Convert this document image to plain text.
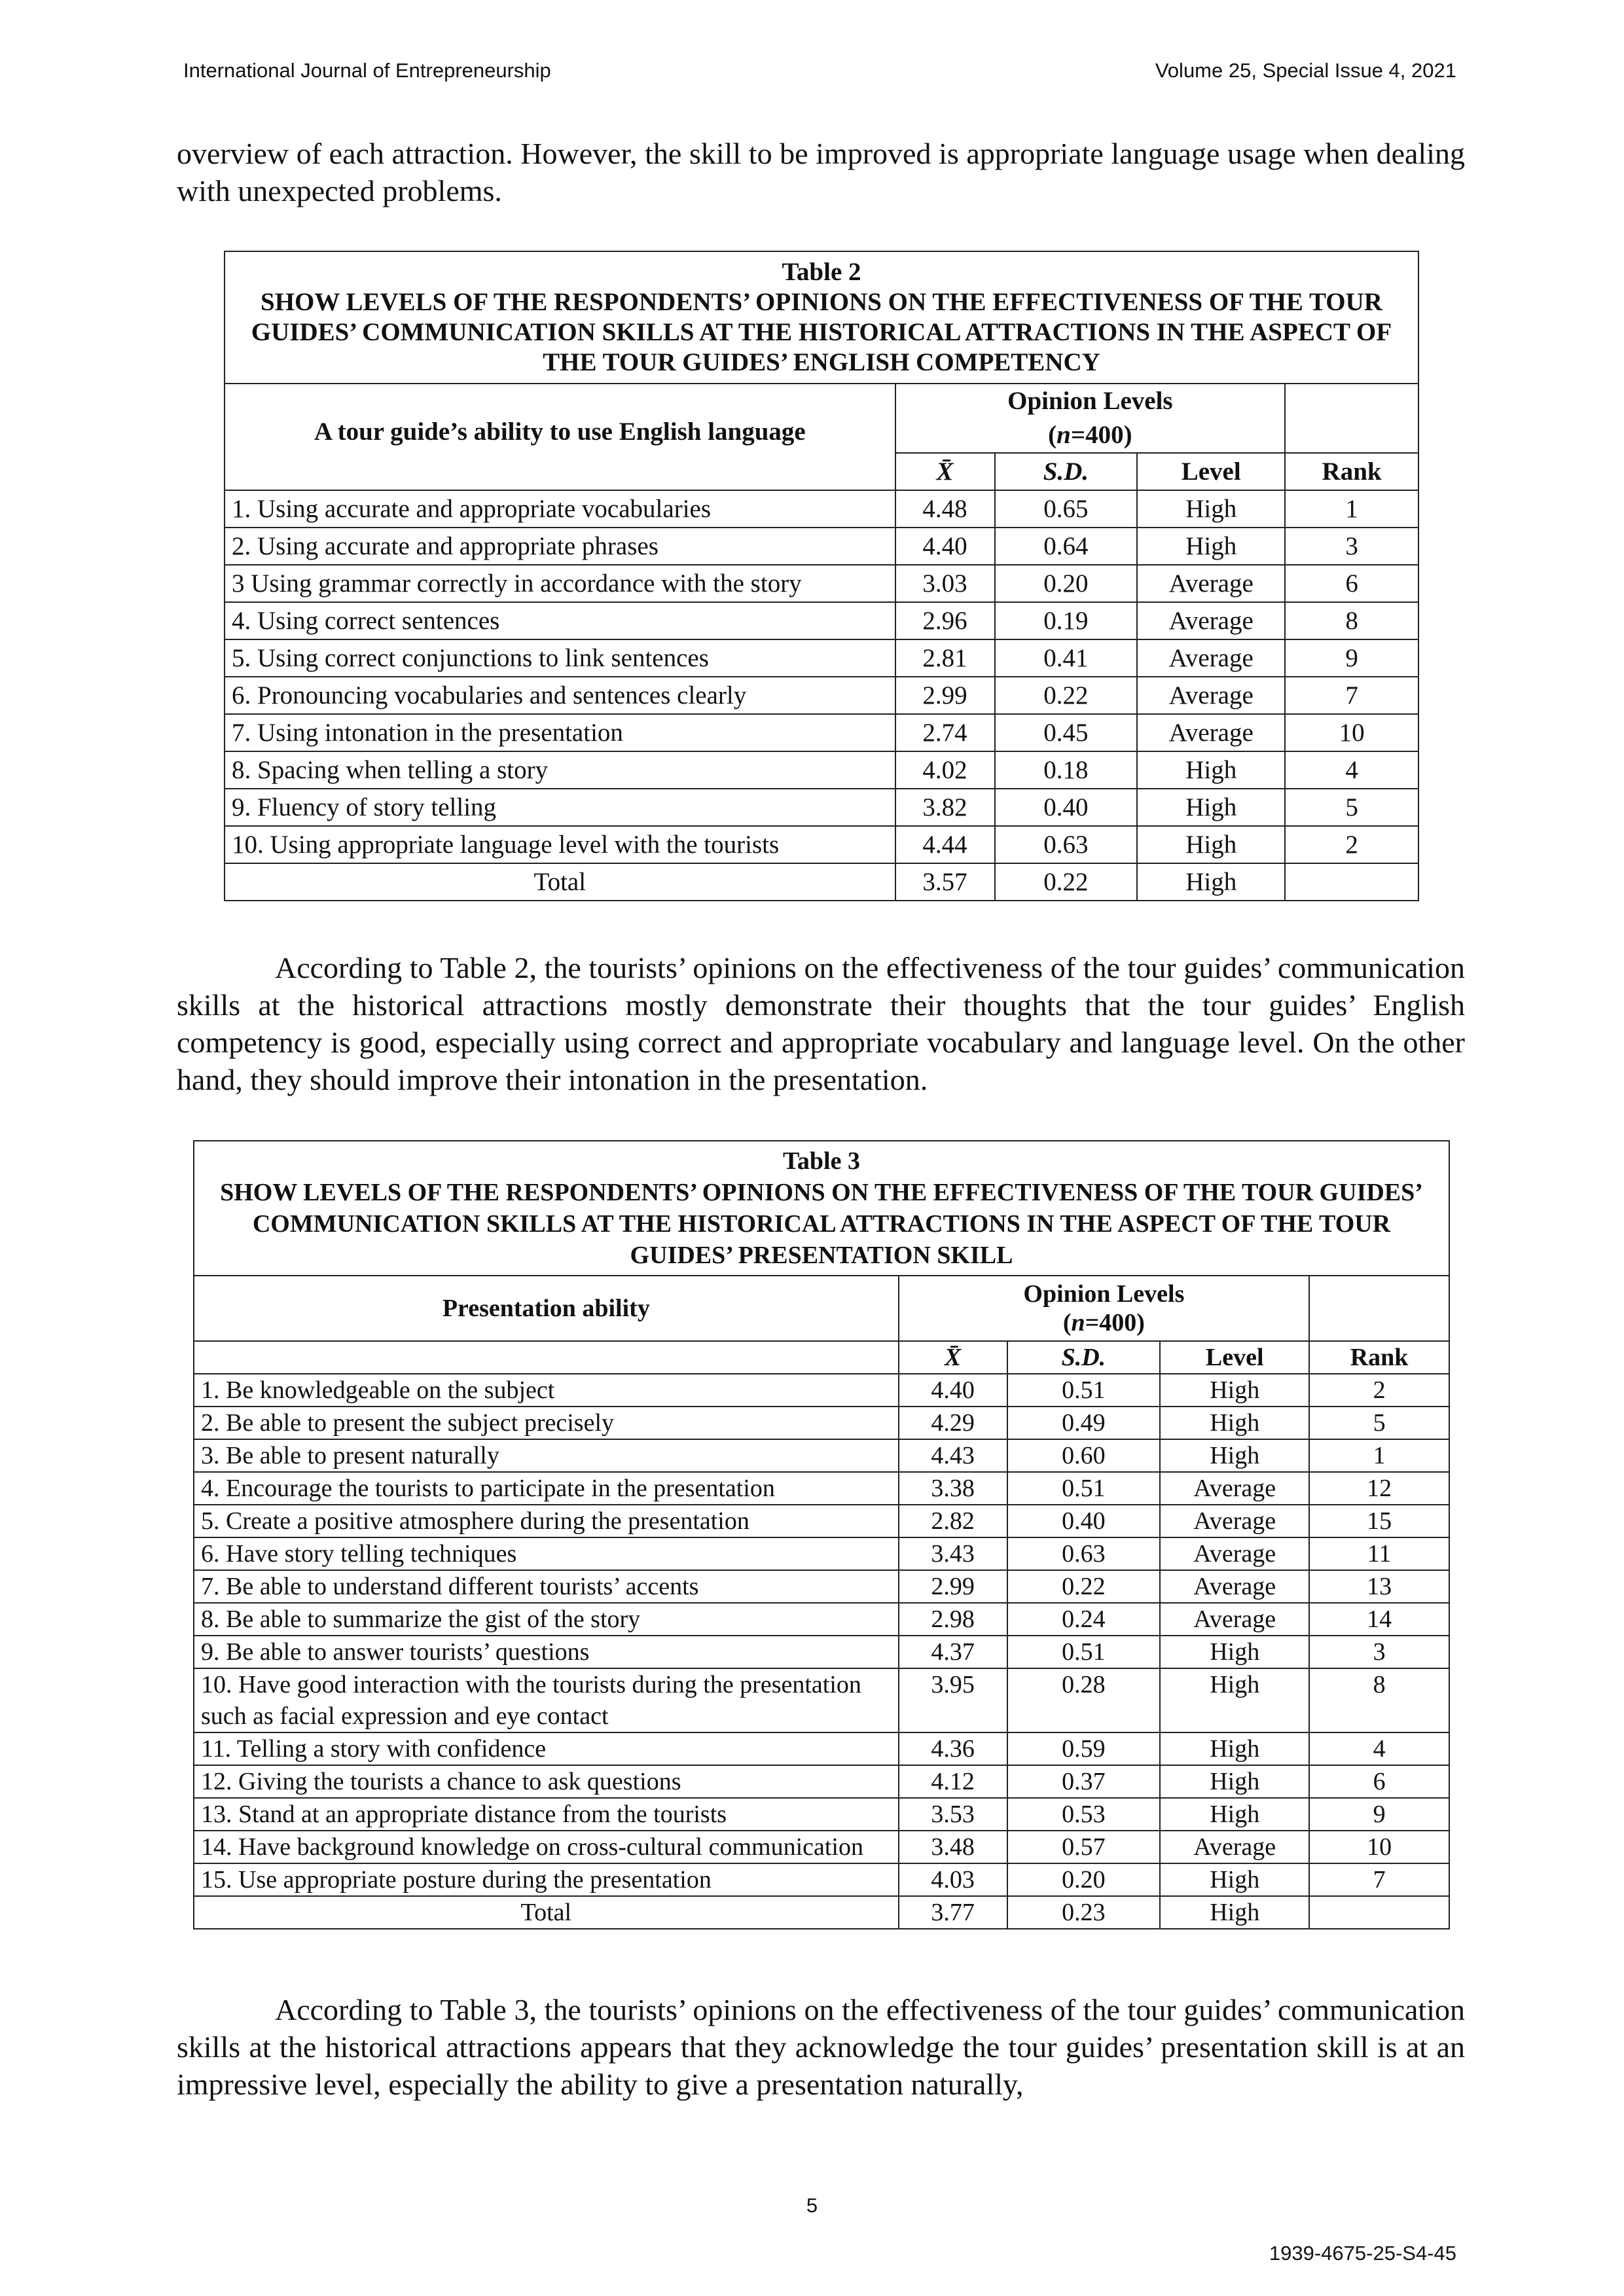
International Journal of Entrepreneurship	Volume 25, Special Issue 4, 2021
overview of each attraction. However, the skill to be improved is appropriate language usage when dealing with unexpected problems.
Table 2
SHOW LEVELS OF THE RESPONDENTS’ OPINIONS ON THE EFFECTIVENESS OF THE TOUR GUIDES’ COMMUNICATION SKILLS AT THE HISTORICAL ATTRACTIONS IN THE ASPECT OF THE TOUR GUIDES’ ENGLISH COMPETENCY				

A tour guide’s ability to use English language	Opinion Levels
(n=400)			

	X̄	S.D.	Level	Rank
1. Using accurate and appropriate vocabularies	4.48	0.65	High	1
2. Using accurate and appropriate phrases	4.40	0.64	High	3
3 Using grammar correctly in accordance with the story	3.03	0.20	Average	6
4. Using correct sentences	2.96	0.19	Average	8
5. Using correct conjunctions to link sentences	2.81	0.41	Average	9
6. Pronouncing vocabularies and sentences clearly	2.99	0.22	Average	7
7. Using intonation in the presentation	2.74	0.45	Average	10
8. Spacing when telling a story	4.02	0.18	High	4
9. Fluency of story telling	3.82	0.40	High	5
10. Using appropriate language level with the tourists	4.44	0.63	High	2
Total	3.57	0.22	High	
According to Table 2, the tourists’ opinions on the effectiveness of the tour guides’ communication skills at the historical attractions mostly demonstrate their thoughts that the tour guides’ English competency is good, especially using correct and appropriate vocabulary and language level. On the other hand, they should improve their intonation in the presentation.
Table 3
SHOW LEVELS OF THE RESPONDENTS’ OPINIONS ON THE EFFECTIVENESS OF THE TOUR GUIDES’ COMMUNICATION SKILLS AT THE HISTORICAL ATTRACTIONS IN THE ASPECT OF THE TOUR GUIDES’ PRESENTATION SKILL				

Presentation ability	Opinion Levels
(n=400)			

	X̄	S.D.	Level	Rank
1. Be knowledgeable on the subject	4.40	0.51	High	2
2. Be able to present the subject precisely	4.29	0.49	High	5
3. Be able to present naturally	4.43	0.60	High	1
4. Encourage the tourists to participate in the presentation	3.38	0.51	Average	12
5. Create a positive atmosphere during the presentation	2.82	0.40	Average	15
6. Have story telling techniques	3.43	0.63	Average	11
7. Be able to understand different tourists’ accents	2.99	0.22	Average	13
8. Be able to summarize the gist of the story	2.98	0.24	Average	14
9. Be able to answer tourists’ questions	4.37	0.51	High	3
10. Have good interaction with the tourists during the presentation such as facial expression and eye contact	3.95	0.28	High	8
11. Telling a story with confidence	4.36	0.59	High	4
12. Giving the tourists a chance to ask questions	4.12	0.37	High	6
13. Stand at an appropriate distance from the tourists	3.53	0.53	High	9
14. Have background knowledge on cross-cultural communication	3.48	0.57	Average	10
15. Use appropriate posture during the presentation	4.03	0.20	High	7
Total	3.77	0.23	High	
According to Table 3, the tourists’ opinions on the effectiveness of the tour guides’ communication skills at the historical attractions appears that they acknowledge the tour guides’ presentation skill is at an impressive level, especially the ability to give a presentation naturally,
5
1939-4675-25-S4-45
